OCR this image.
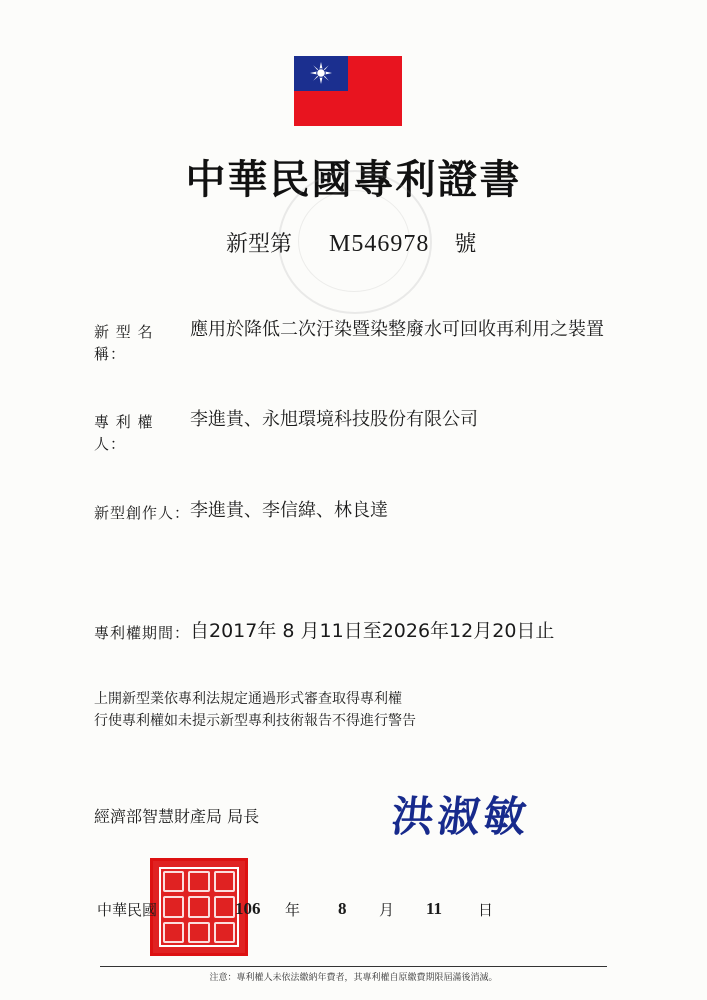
中華民國專利證書
新型第 M546978 號
新 型 名 稱：應用於降低二次汙染暨染整廢水可回收再利用之裝置
專 利 權 人：李進貴、永旭環境科技股份有限公司
新型創作人：李進貴、李信緯、林良達
專利權期間：自2017年 8 月11日至2026年12月20日止
上開新型業依專利法規定通過形式審查取得專利權
行使專利權如未提示新型專利技術報告不得進行警告
經濟部智慧財產局 局長	洪淑敏
中華民國	106 年 8 月 11 日
注意：專利權人未依法繳納年費者，其專利權自原繳費期限屆滿後消滅。
